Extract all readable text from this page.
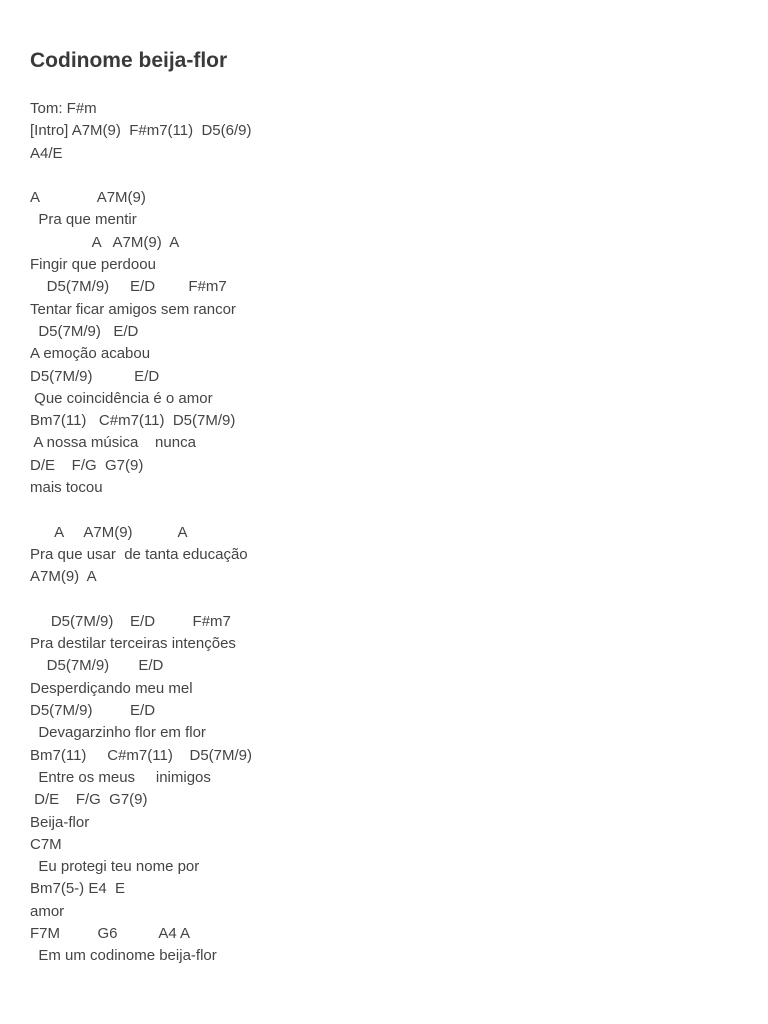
Codinome beija-flor
Tom: F#m
[Intro] A7M(9)  F#m7(11)  D5(6/9)
A4/E
A              A7M(9)
Pra que mentir
A   A7M(9)  A
Fingir que perdoou
D5(7M/9)     E/D        F#m7
Tentar ficar amigos sem rancor
D5(7M/9)   E/D
A emoção acabou
D5(7M/9)          E/D
Que coincidência é o amor
Bm7(11)   C#m7(11)  D5(7M/9)
A nossa música    nunca
D/E    F/G  G7(9)
mais tocou
A     A7M(9)           A
Pra que usar  de tanta educação
A7M(9)  A
D5(7M/9)    E/D         F#m7
Pra destilar terceiras intenções
D5(7M/9)       E/D
Desperdiçando meu mel
D5(7M/9)         E/D
Devagarzinho flor em flor
Bm7(11)     C#m7(11)    D5(7M/9)
Entre os meus     inimigos
D/E    F/G  G7(9)
Beija-flor
C7M
Eu protegi teu nome por
Bm7(5-) E4  E
amor
F7M         G6          A4 A
Em um codinome beija-flor
